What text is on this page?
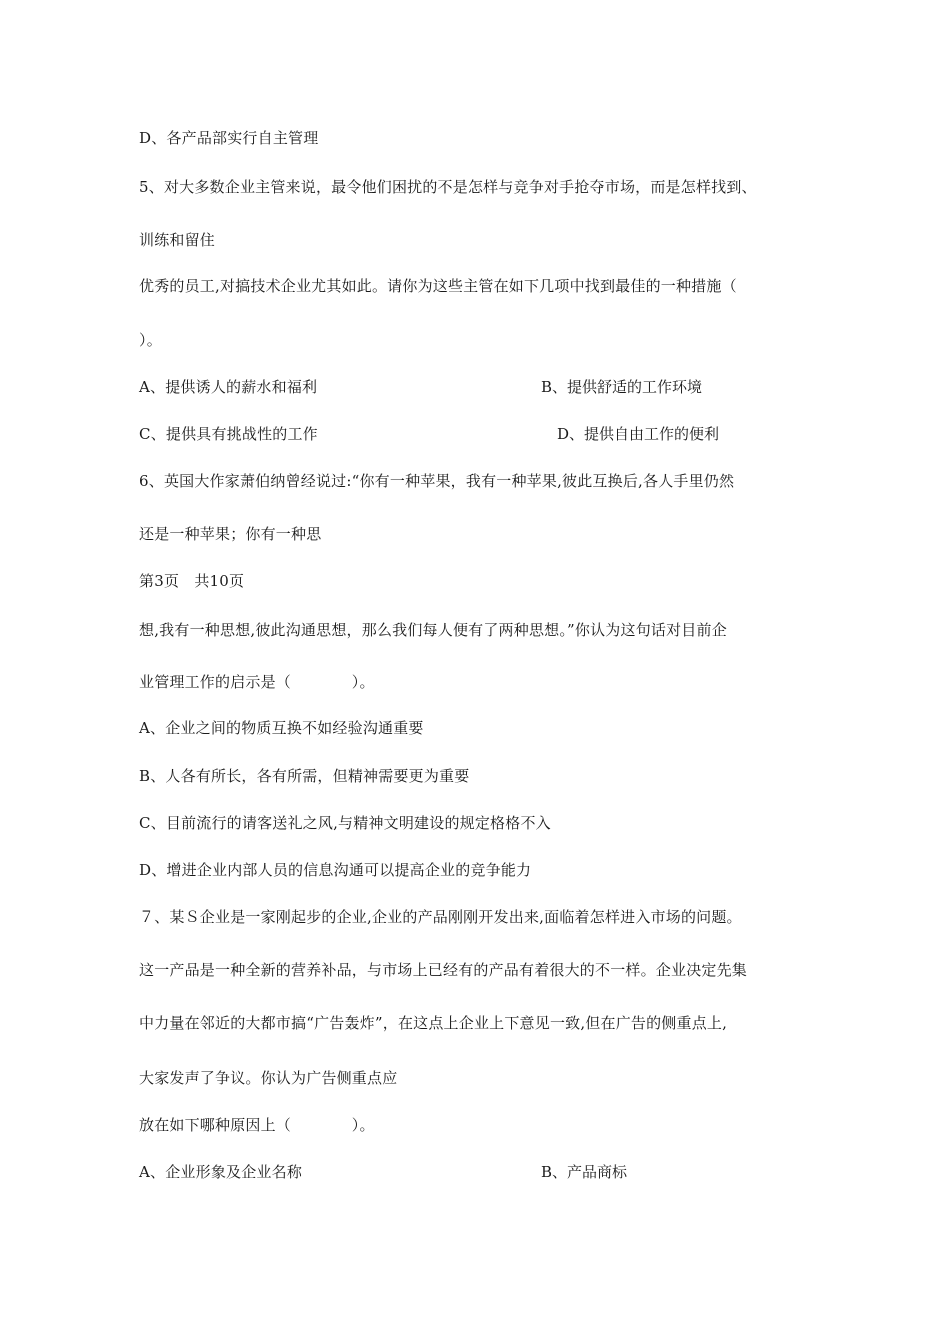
D、各产品部实行自主管理
5、对大多数企业主管来说，最令他们困扰的不是怎样与竞争对手抢夺市场，而是怎样找到、
训练和留住
优秀的员工,对搞技术企业尤其如此。请你为这些主管在如下几项中找到最佳的一种措施（
）。
A、提供诱人的薪水和福利	B、提供舒适的工作环境
C、提供具有挑战性的工作	D、提供自由工作的便利
6、英国大作家萧伯纳曾经说过:“你有一种苹果，我有一种苹果,彼此互换后,各人手里仍然
还是一种苹果；你有一种思
第3页　共10页
想,我有一种思想,彼此沟通思想，那么我们每人便有了两种思想。”你认为这句话对目前企
业管理工作的启示是（　　　　）。
A、企业之间的物质互换不如经验沟通重要
B、人各有所长，各有所需，但精神需要更为重要
C、目前流行的请客送礼之风,与精神文明建设的规定格格不入
D、增进企业内部人员的信息沟通可以提高企业的竞争能力
７、某Ｓ企业是一家刚起步的企业,企业的产品刚刚开发出来,面临着怎样进入市场的问题。
这一产品是一种全新的营养补品，与市场上已经有的产品有着很大的不一样。企业决定先集
中力量在邻近的大都市搞“广告轰炸”，在这点上企业上下意见一致,但在广告的侧重点上,
大家发声了争议。你认为广告侧重点应
放在如下哪种原因上（　　　　）。
A、企业形象及企业名称	B、产品商标
